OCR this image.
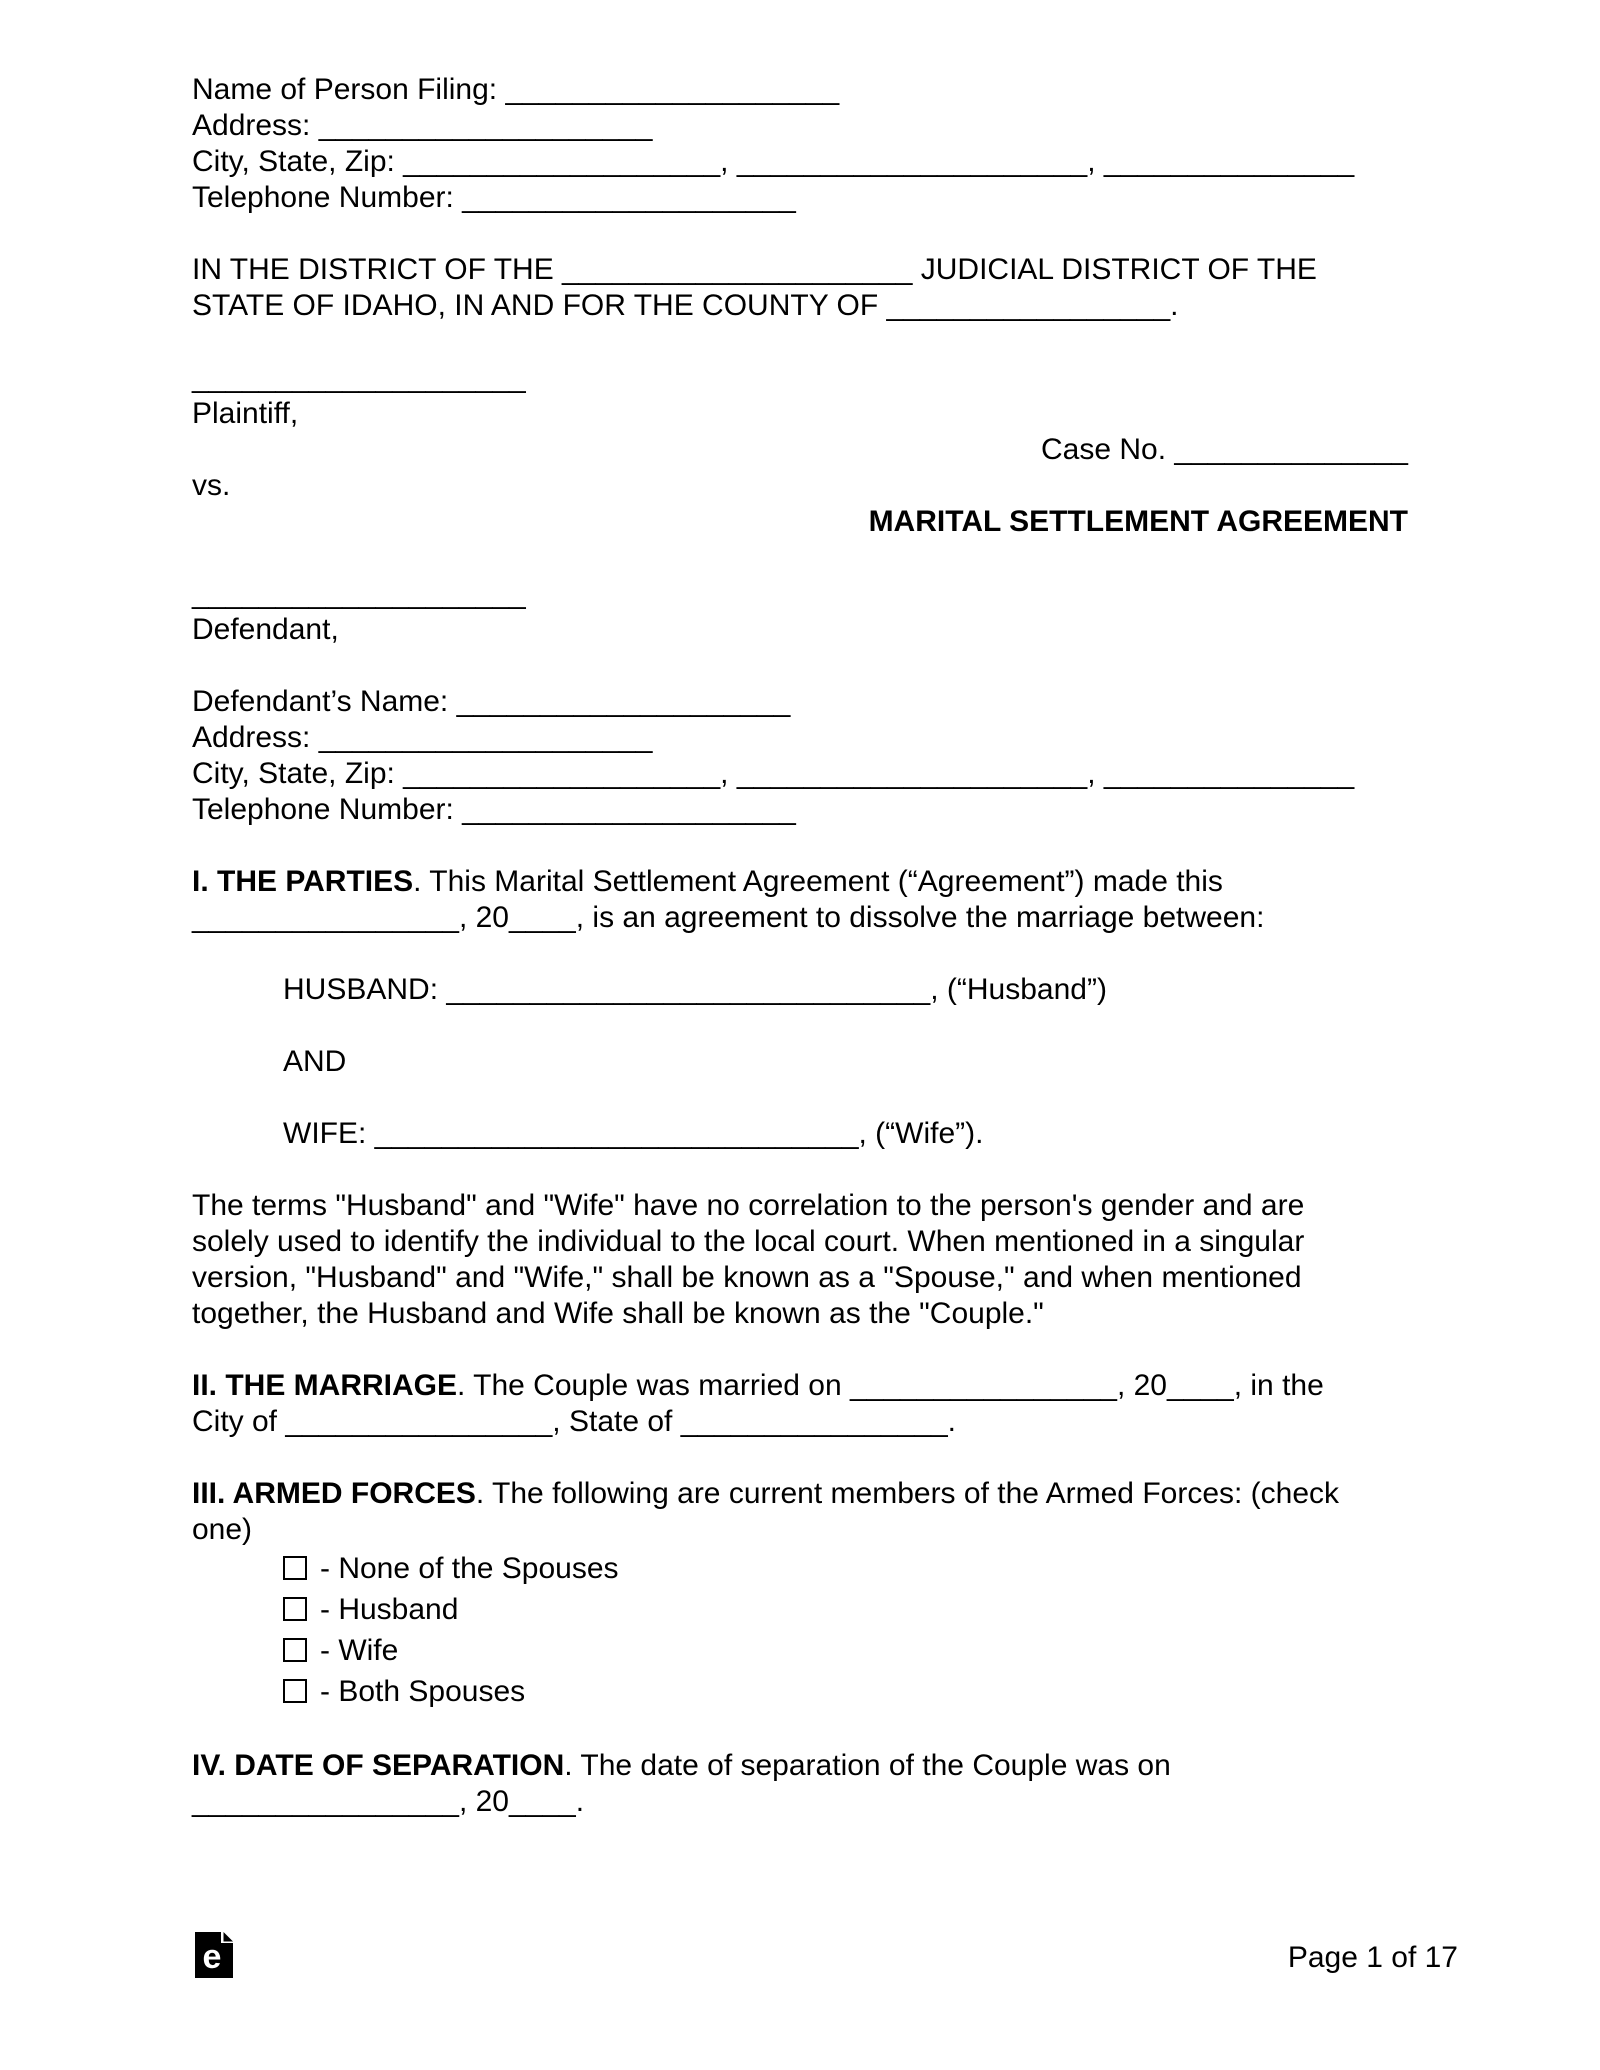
Name of Person Filing: ____________________
Address: ____________________
City, State, Zip: ___________________, _____________________, _______________
Telephone Number: ____________________
IN THE DISTRICT OF THE _____________________ JUDICIAL DISTRICT OF THE
STATE OF IDAHO, IN AND FOR THE COUNTY OF _________________.
____________________
Plaintiff,
Case No. ______________
vs.
MARITAL SETTLEMENT AGREEMENT
____________________
Defendant,
Defendant’s Name: ____________________
Address: ____________________
City, State, Zip: ___________________, _____________________, _______________
Telephone Number: ____________________
I. THE PARTIES. This Marital Settlement Agreement (“Agreement”) made this
________________, 20____, is an agreement to dissolve the marriage between:
HUSBAND: _____________________________, (“Husband”)
AND
WIFE: _____________________________, (“Wife”).
The terms "Husband" and "Wife" have no correlation to the person's gender and are
solely used to identify the individual to the local court. When mentioned in a singular
version, "Husband" and "Wife," shall be known as a "Spouse," and when mentioned
together, the Husband and Wife shall be known as the "Couple."
II. THE MARRIAGE. The Couple was married on ________________, 20____, in the
City of ________________, State of ________________.
III. ARMED FORCES. The following are current members of the Armed Forces: (check
one)
- None of the Spouses
- Husband
- Wife
- Both Spouses
IV. DATE OF SEPARATION. The date of separation of the Couple was on
________________, 20____.
e	Page 1 of 17
